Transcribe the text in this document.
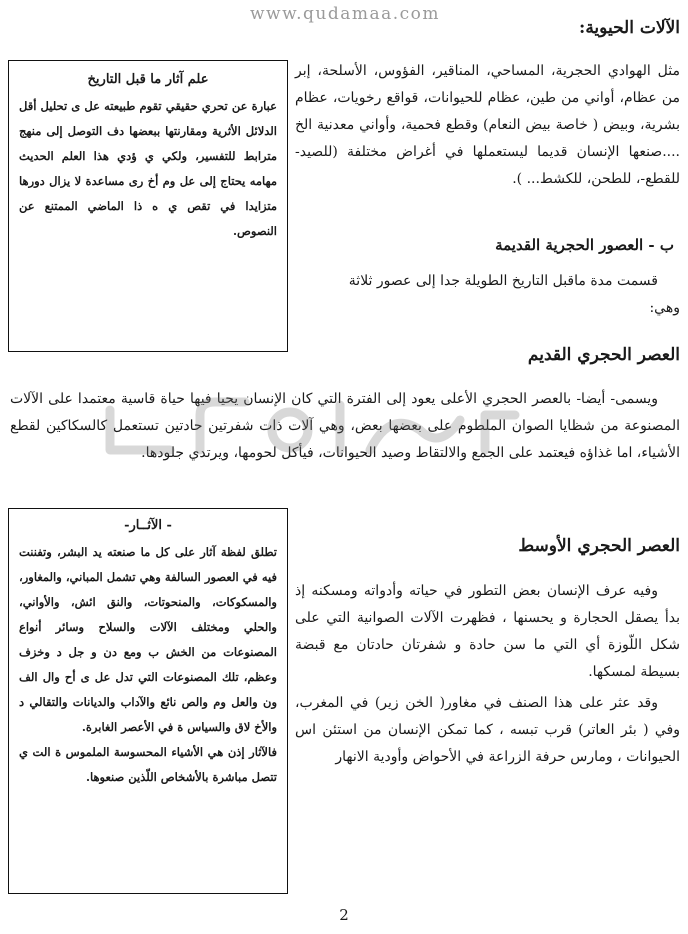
www.qudamaa.com
الآلات الحيوية:

مثل الهوادي الحجرية، المساحي، المناقير، الفؤوس، الأسلحة، إبر من عظام، أواني من طين، عظام للحيوانات، قواقع رخويات، عظام بشرية، وبيض ( خاصة بيض النعام) وقطع فحمية، وأواني معدنية الخ ....صنعها الإنسان قديما ليستعملها في أغراض مختلفة (للصيد- للقطع-، للطحن، للكشط... ).

علم آثار ما قبل التاريخ

عبارة عن تحري حقيقي تقوم طبيعته عل ى تحليل أقل الدلائل الأثرية ومقارنتها ببعضها دف التوصل إلى منهج مترابط للتفسير، ولكي ي ؤدي هذا العلم الحديث مهامه يحتاج إلى عل وم أخ رى مساعدة لا يزال دورها متزايدا في تقص ي ه ذا الماضي الممتنع عن النصوص.

ب - العصور الحجرية القديمة

قسمت مدة ماقبل التاريخ الطويلة جدا إلى عصور ثلاثة

وهي:

العصر الحجري القديم

ويسمى- أيضا- بالعصر الحجري الأعلى يعود إلى الفترة التي كان الإنسان يحيا فيها حياة قاسية معتمدا على الآلات المصنوعة من شظايا الصوان الملطوم على بعضها بعض، وهي آلات ذات شفرتين حادتين تستعمل كالسكاكين لقطع الأشياء، اما غذاؤه فيعتمد على الجمع والالتقاط وصيد الحيوانات، فيأكل لحومها، ويرتدي جلودها.

العصر الحجري الأوسط

وفيه عرف الإنسان بعض التطور في حياته وأدواته ومسكنه إذ بدأ يصقل الحجارة و يحسنها ، فظهرت الآلات الصوانية التي على شكل اللّوزة أي التي ما سن حادة و شفرتان حادتان مع قبضة بسيطة لمسكها.

وقد عثر على هذا الصنف في مغاور( الخن زير) في المغرب، وفي ( بئر العاتر) قرب تبسه ، كما تمكن الإنسان من استئن اس الحيوانات ، ومارس حرفة الزراعة في الأحواض وأودية الانهار

- الآثــار-

تطلق لفظة آثار على كل ما صنعته يد البشر، وتفننت فيه في العصور السالفة وهي تشمل المباني، والمغاور، والمسكوكات، والمنحوتات، والنق ائش، والأواني، والحلي ومختلف الآلات والسلاح وسائر أنواع المصنوعات من الخش ب ومع دن و جل د وخزف وعظم، تلك المصنوعات التي تدل عل ى أح وال الف ون والعل وم والص نائع والآداب والديانات والتقالي د والأخ لاق والسياس ة في الأعصر الغابرة.

فالآثار إذن هي الأشياء المحسوسة الملموس ة الت ي تتصل مباشرة بالأشخاص اللّذين صنعوها.

2
